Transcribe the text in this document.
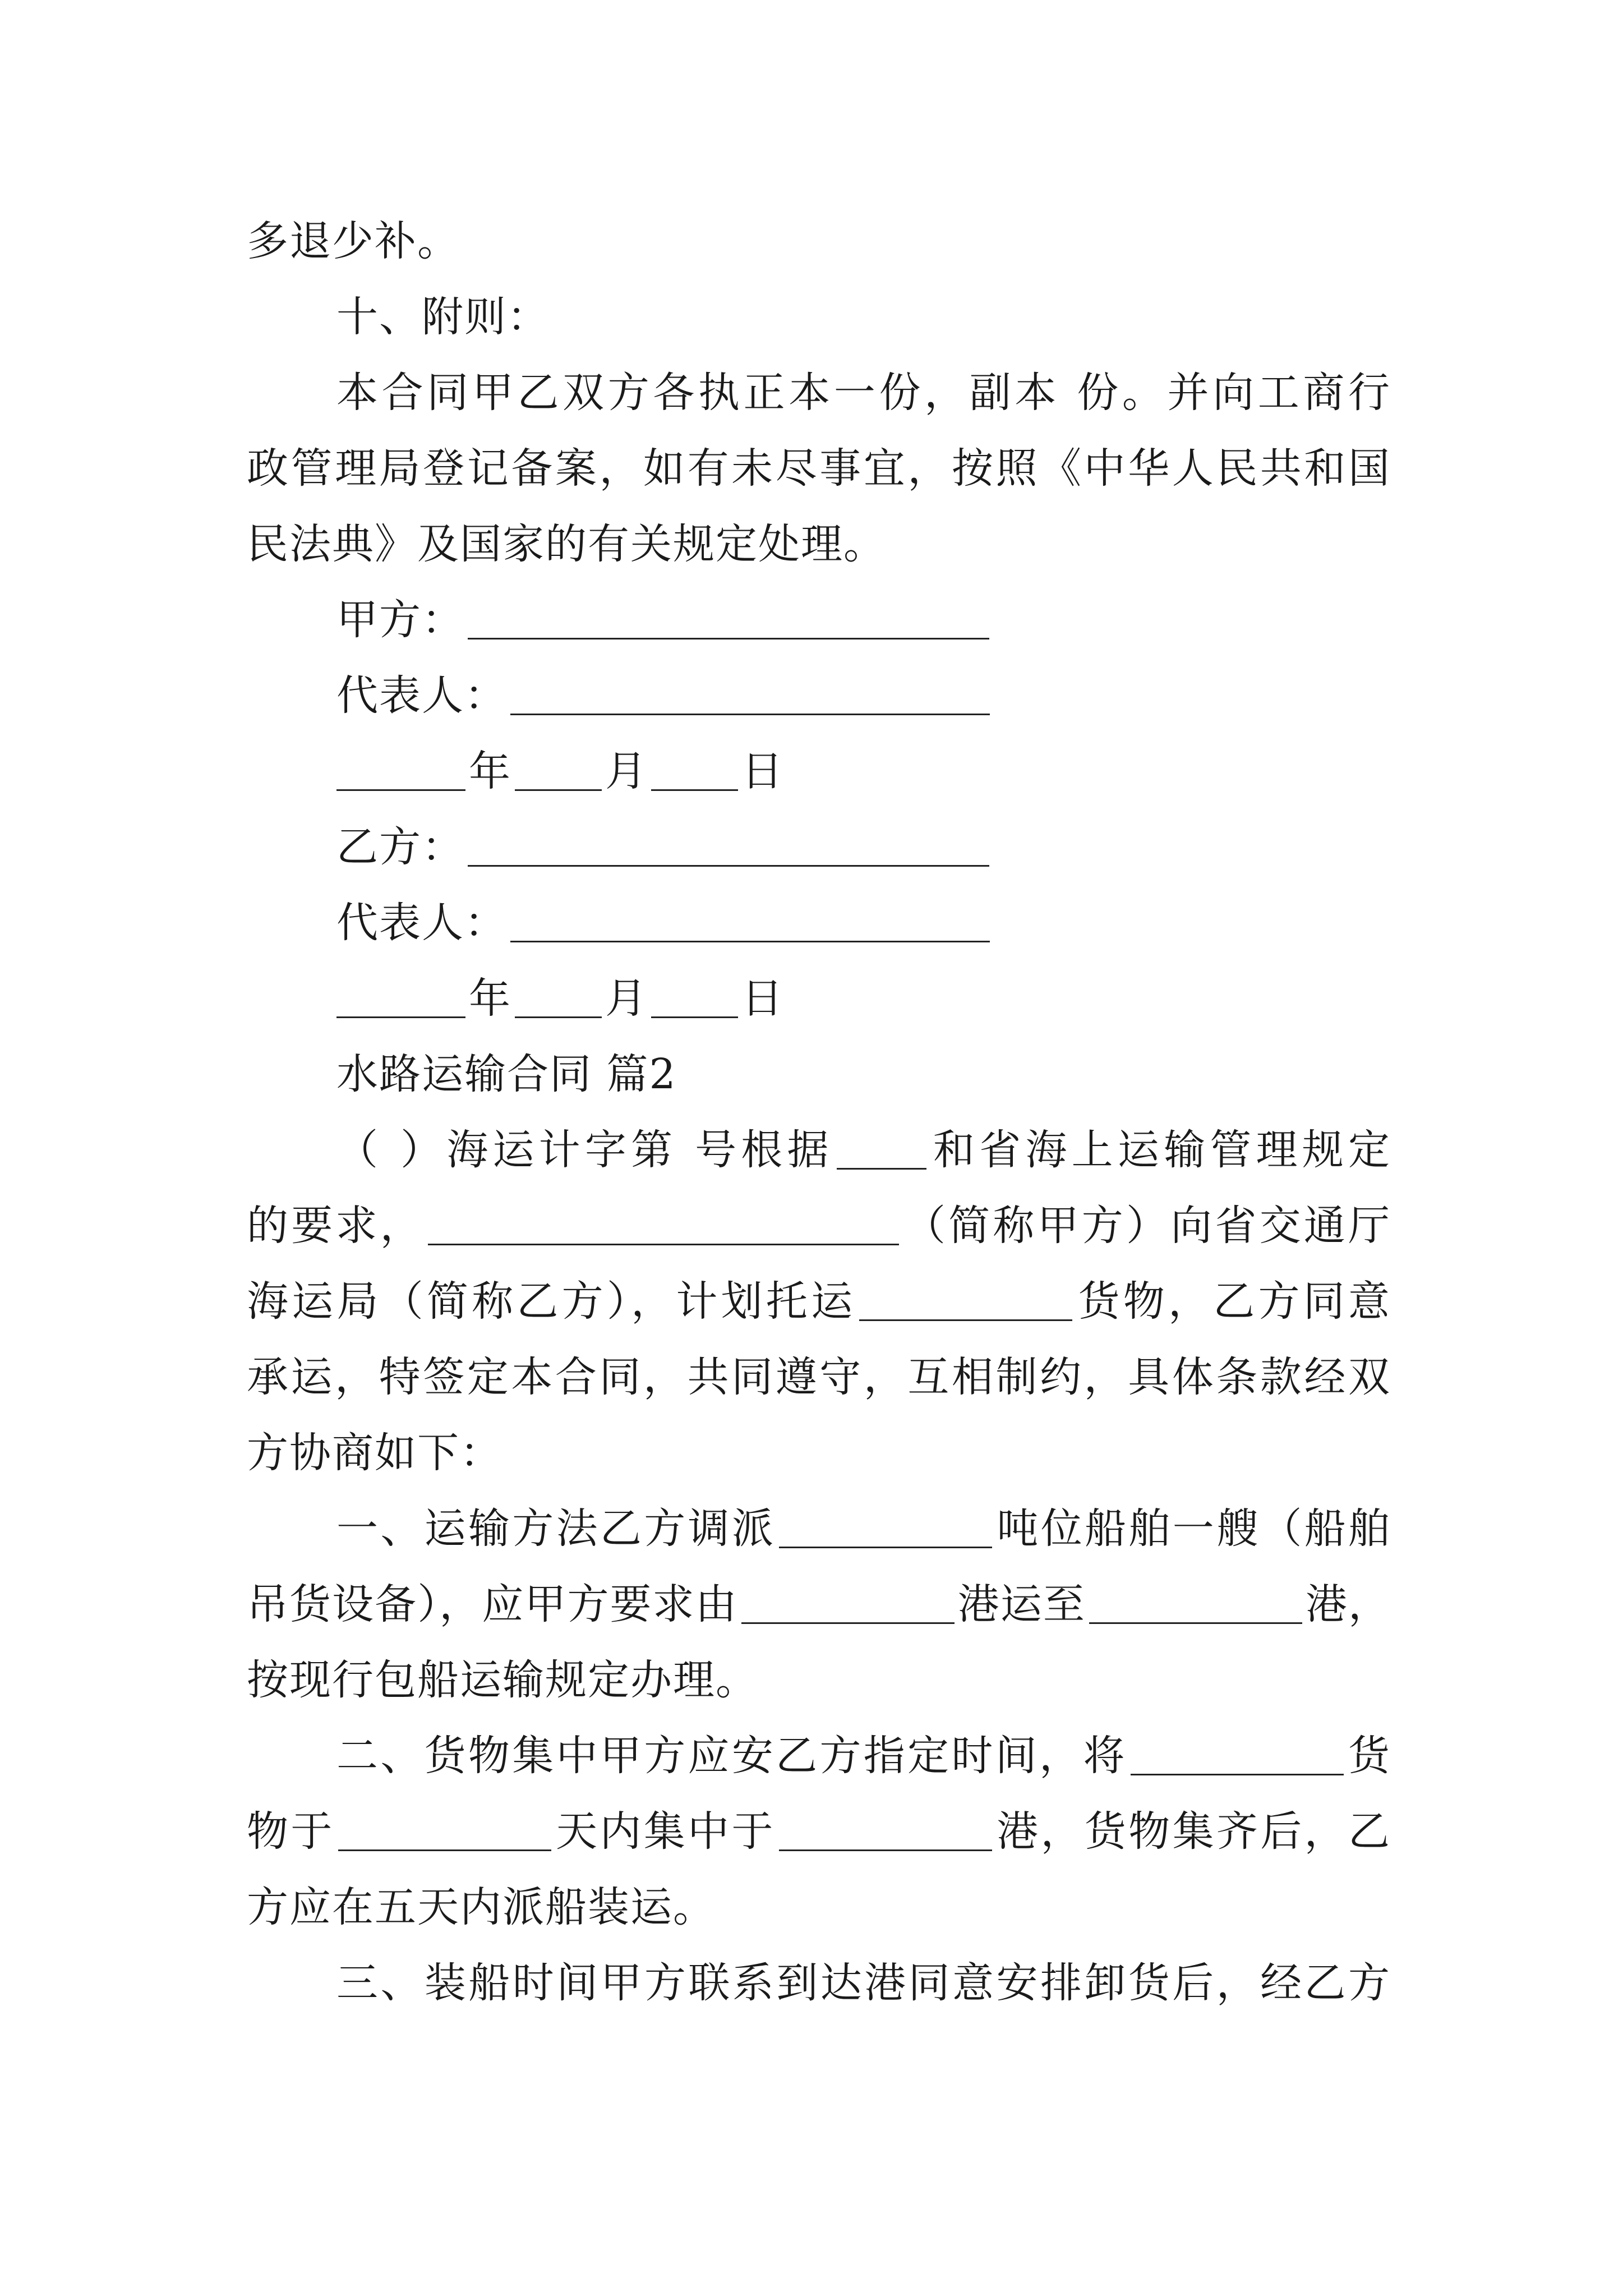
多退少补。
十、附则：
本合同甲乙双方各执正本一份，副本 份。并向工商行
政管理局登记备案，如有未尽事宜，按照《中华人民共和国
民法典》及国家的有关规定处理。
甲方：
代表人：
年 月 日
乙方：
代表人：
年 月 日
水路运输合同 篇2
（ ）海运计字第 号根据 和省海上运输管理规定
的要求，	（简称甲方）向省交通厅
海运局（简称乙方），计划托运	货物，乙方同意
承运，特签定本合同，共同遵守，互相制约，具体条款经双
方协商如下：
一、运输方法乙方调派	吨位船舶一艘（船舶
吊货设备），应甲方要求由	港运至	港，
按现行包船运输规定办理。
二、货物集中甲方应安乙方指定时间，将	货
物于	天内集中于	港，货物集齐后，乙
方应在五天内派船装运。
三、装船时间甲方联系到达港同意安排卸货后，经乙方
